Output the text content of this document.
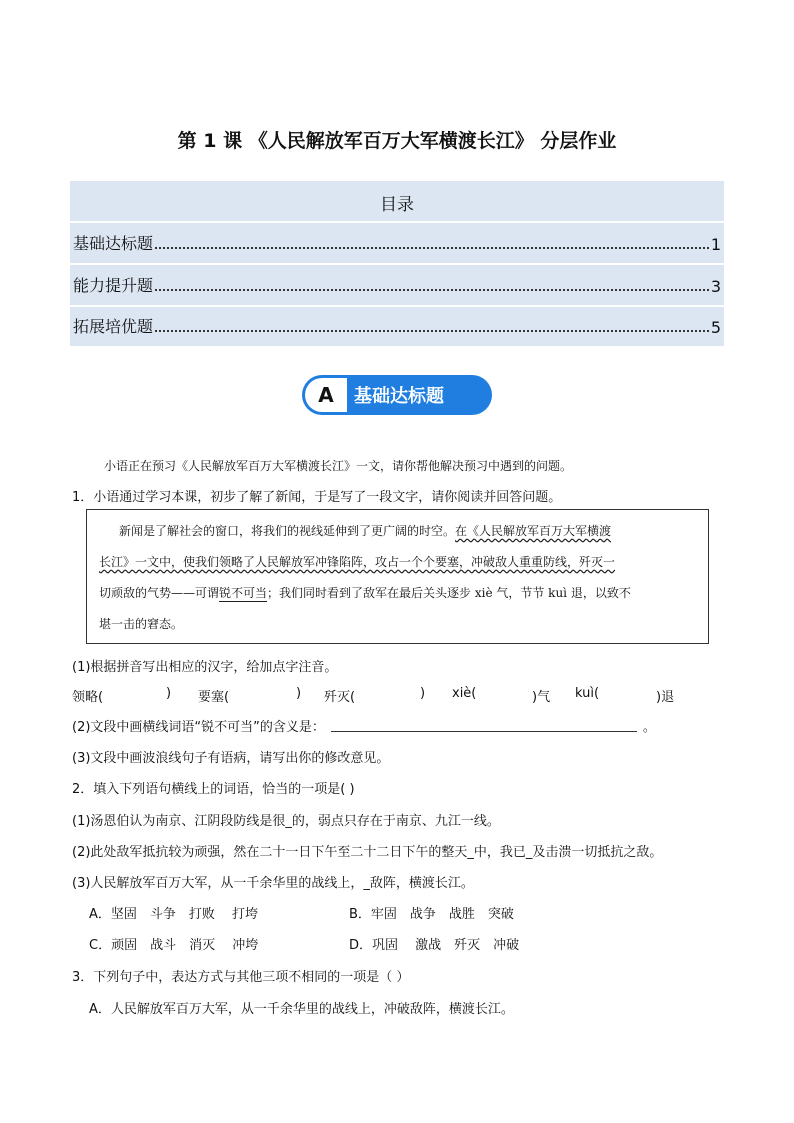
第 1 课 《人民解放军百万大军横渡长江》 分层作业
目录
基础达标题	1
能力提升题	3
拓展培优题	5
A	基础达标题
小语正在预习《人民解放军百万大军横渡长江》一文，请你帮他解决预习中遇到的问题。
1．小语通过学习本课，初步了解了新闻，于是写了一段文字，请你阅读并回答问题。
新闻是了解社会的窗口，将我们的视线延伸到了更广阔的时空。在《人民解放军百万大军横渡
长江》一文中，使我们领略了人民解放军冲锋陷阵，攻占一个个要塞，冲破敌人重重防线，歼灭一
切顽敌的气势——可谓锐不可当；我们同时看到了敌军在最后关头逐步 xiè 气，节节 kuì 退，以致不
堪一击的窘态。
(1)根据拼音写出相应的汉字，给加点字注音。
领略(	) 要塞(	) 歼灭(	) xiè(	)气 kuì(	)退
(2)文段中画横线词语“锐不可当”的含义是：	。
(3)文段中画波浪线句子有语病，请写出你的修改意见。
2．填入下列语句横线上的词语，恰当的一项是( )
(1)汤恩伯认为南京、江阴段防线是很_的，弱点只存在于南京、九江一线。
(2)此处敌军抵抗较为顽强，然在二十一日下午至二十二日下午的整天_中，我已_及击溃一切抵抗之敌。
(3)人民解放军百万大军，从一千余华里的战线上，_敌阵，横渡长江。
A．坚固　斗争　打败　 打垮	B．牢固　战争　战胜　突破
C．顽固　战斗　消灭　 冲垮	D．巩固　 激战　歼灭　冲破
3．下列句子中，表达方式与其他三项不相同的一项是（ ）
A．人民解放军百万大军，从一千余华里的战线上，冲破敌阵，横渡长江。
